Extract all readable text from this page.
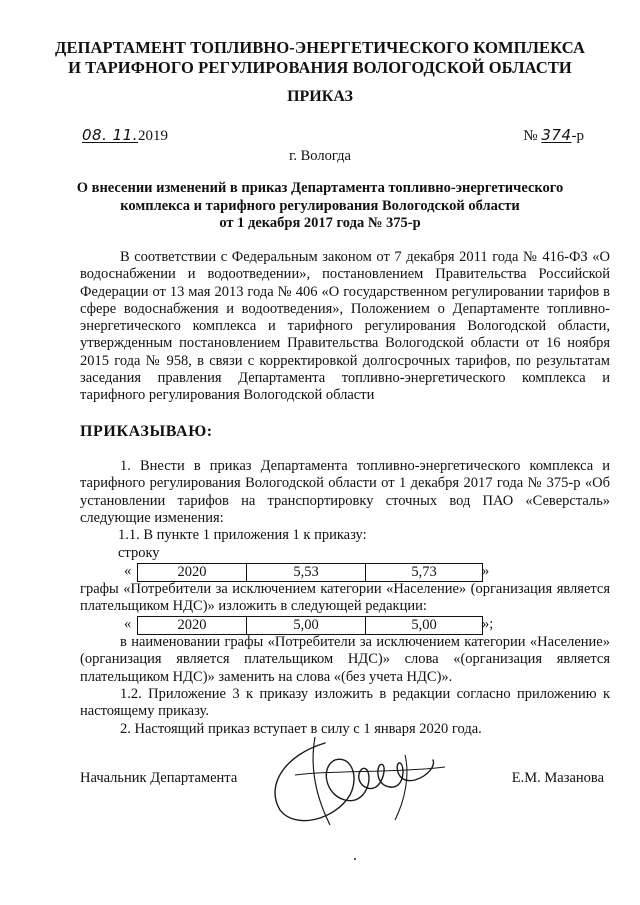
ДЕПАРТАМЕНТ ТОПЛИВНО-ЭНЕРГЕТИЧЕСКОГО КОМПЛЕКСА
И ТАРИФНОГО РЕГУЛИРОВАНИЯ ВОЛОГОДСКОЙ ОБЛАСТИ
ПРИКАЗ
08. 11.2019	№ 374-р
г. Вологда
О внесении изменений в приказ Департамента топливно-энергетического
комплекса и тарифного регулирования Вологодской области
от 1 декабря 2017 года № 375-р
В соответствии с Федеральным законом от 7 декабря 2011 года № 416-ФЗ «О водоснабжении и водоотведении», постановлением Правительства Российской Федерации от 13 мая 2013 года № 406 «О государственном регулировании тарифов в сфере водоснабжения и водоотведения», Положением о Департаменте топливно-энергетического комплекса и тарифного регулирования Вологодской области, утвержденным постановлением Правительства Вологодской области от 16 ноября 2015 года № 958, в связи с корректировкой долгосрочных тарифов, по результатам заседания правления Департамента топливно-энергетического комплекса и тарифного регулирования Вологодской области
ПРИКАЗЫВАЮ:
1. Внести в приказ Департамента топливно-энергетического комплекса и тарифного регулирования Вологодской области от 1 декабря 2017 года № 375-р «Об установлении тарифов на транспортировку сточных вод ПАО «Северсталь» следующие изменения:
1.1. В пункте 1 приложения 1 к приказу:
строку
«	2020	5,53	5,73	»
графы «Потребители за исключением категории «Население» (организация является плательщиком НДС)» изложить в следующей редакции:
«	2020	5,00	5,00	»;
в наименовании графы «Потребители за исключением категории «Население» (организация является плательщиком НДС)» слова «(организация является плательщиком НДС)» заменить на слова «(без учета НДС)».
1.2. Приложение 3 к приказу изложить в редакции согласно приложению к настоящему приказу.
2. Настоящий приказ вступает в силу с 1 января 2020 года.
Начальник Департамента	Е.М. Мазанова
